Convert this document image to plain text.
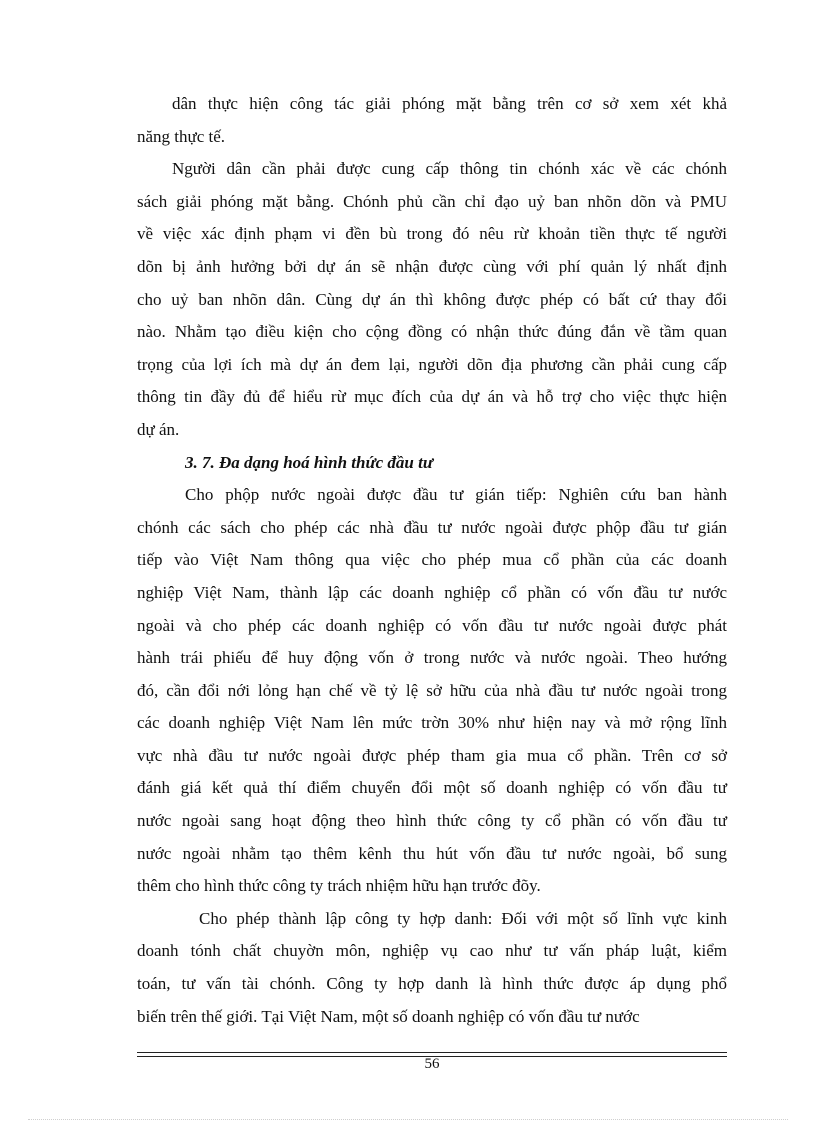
dân thực hiện công tác giải phóng mặt bằng trên cơ sở xem xét khả
năng thực tế.
Người dân cần phải được cung cấp thông tin chónh xác về các chónh
sách giải phóng mặt bằng. Chónh phủ cần chỉ đạo uỷ ban nhõn dõn và PMU
về việc xác định phạm vi đền bù trong đó nêu rừ khoản tiền thực tế người
dõn bị ảnh hưởng bởi dự án sẽ nhận được cùng với phí quản lý nhất định
cho uỷ ban nhõn dân. Cùng dự án thì không được phép có bất cứ thay đổi
nào. Nhằm tạo điều kiện cho cộng đồng có nhận thức đúng đắn về tầm quan
trọng của lợi ích mà dự án đem lại, người dõn địa phương cần phải cung cấp
thông tin đầy đủ để hiểu rừ mục đích của dự án và hỗ trợ cho việc thực hiện
dự án.
3. 7. Đa dạng hoá hình thức đầu tư
Cho phộp nước ngoài được đầu tư gián tiếp: Nghiên cứu ban hành
chónh các sách cho phép các nhà đầu tư nước ngoài được phộp đầu tư gián
tiếp vào Việt Nam thông qua việc cho phép mua cổ phần của các doanh
nghiệp Việt Nam, thành lập các doanh nghiệp cổ phần có vốn đầu tư nước
ngoài và cho phép các doanh nghiệp có vốn đầu tư nước ngoài được phát
hành trái phiếu để huy động vốn ở trong nước và nước ngoài. Theo hướng
đó, cần đổi nới lỏng hạn chế về tỷ lệ sở hữu của nhà đầu tư nước ngoài trong
các doanh nghiệp Việt Nam lên mức trờn 30% như hiện nay và mở rộng lĩnh
vực nhà đầu tư nước ngoài được phép tham gia mua cổ phần. Trên cơ sở
đánh giá kết quả thí điểm chuyển đổi một số doanh nghiệp có vốn đầu tư
nước ngoài sang hoạt động theo hình thức công ty cổ phần có vốn đầu tư
nước ngoài nhằm tạo thêm kênh thu hút vốn đầu tư nước ngoài, bổ sung
thêm cho hình thức công ty trách nhiệm hữu hạn trước đõy.
Cho phép thành lập công ty hợp danh: Đối với một số lĩnh vực kinh
doanh tónh chất chuyờn môn, nghiệp vụ cao như tư vấn pháp luật, kiểm
toán, tư vấn tài chónh. Công ty hợp danh là hình thức được áp dụng phổ
biến trên thế giới. Tại Việt Nam, một số doanh nghiệp có vốn đầu tư nước
56
